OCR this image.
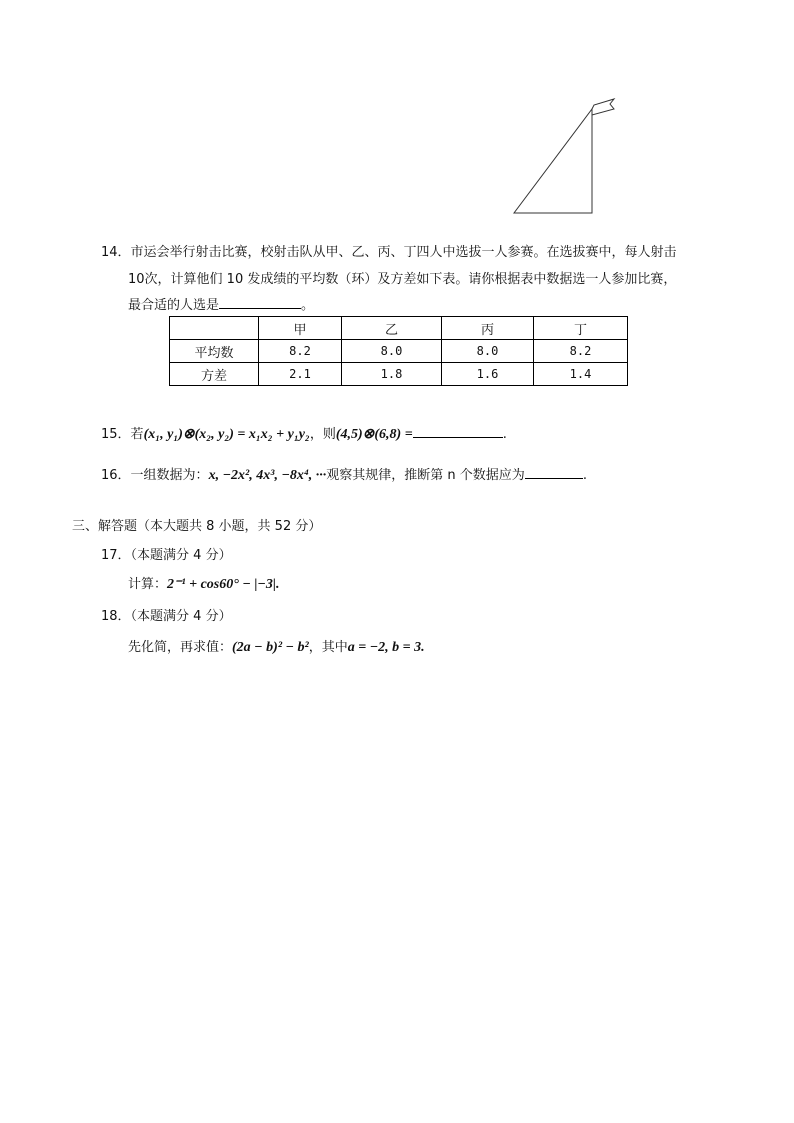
14．市运会举行射击比赛，校射击队从甲、乙、丙、丁四人中选拔一人参赛。在选拔赛中，每人射击
10次，计算他们 10 发成绩的平均数（环）及方差如下表。请你根据表中数据选一人参加比赛，
最合适的人选是	。
	甲	乙	丙	丁
平均数	8.2	8.0	8.0	8.2
方差	2.1	1.8	1.6	1.4
15．若(x₁, y₁)⊗(x₂, y₂) = x₁x₂ + y₁y₂，则(4,5)⊗(6,8) =	.
16．一组数据为：x, −2x², 4x³, −8x⁴, ···观察其规律，推断第 n 个数据应为	.
三、解答题（本大题共 8 小题，共 52 分）
17．（本题满分 4 分）
计算：2⁻¹ + cos60° − |−3|.
18．（本题满分 4 分）
先化简，再求值：(2a − b)² − b²，其中a = −2, b = 3.
